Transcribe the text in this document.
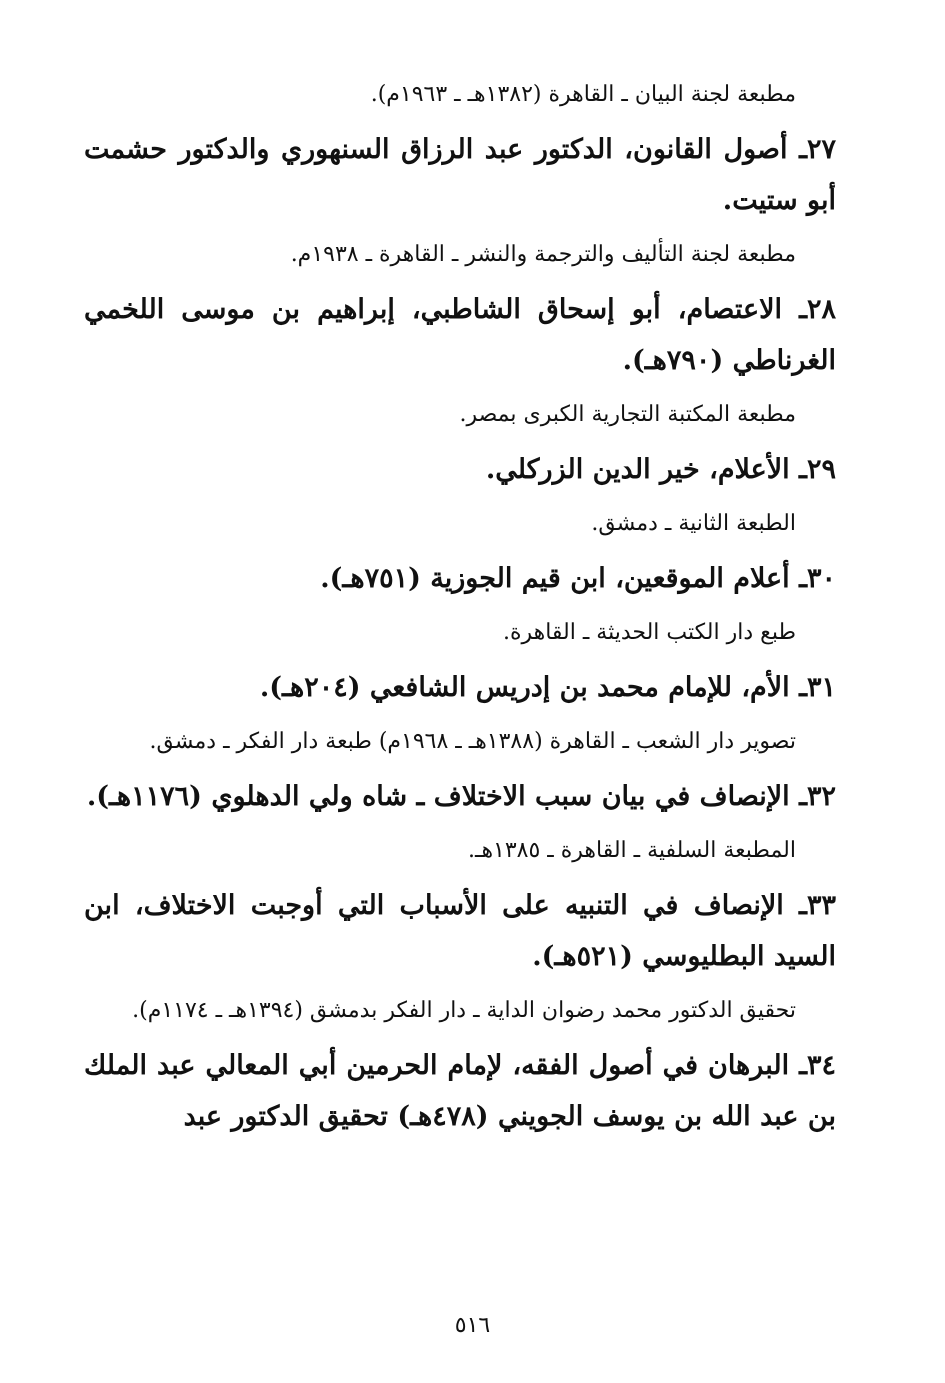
مطبعة لجنة البيان ـ القاهرة (١٣٨٢هـ ـ ١٩٦٣م).

٢٧ـ أصول القانون، الدكتور عبد الرزاق السنهوري والدكتور حشمت أبو ستيت.

مطبعة لجنة التأليف والترجمة والنشر ـ القاهرة ـ ١٩٣٨م.

٢٨ـ الاعتصام، أبو إسحاق الشاطبي، إبراهيم بن موسى اللخمي الغرناطي (٧٩٠هـ).

مطبعة المكتبة التجارية الكبرى بمصر.

٢٩ـ الأعلام، خير الدين الزركلي.

الطبعة الثانية ـ دمشق.

٣٠ـ أعلام الموقعين، ابن قيم الجوزية (٧٥١هـ).

طبع دار الكتب الحديثة ـ القاهرة.

٣١ـ الأم، للإمام محمد بن إدريس الشافعي (٢٠٤هـ).

تصوير دار الشعب ـ القاهرة (١٣٨٨هـ ـ ١٩٦٨م) طبعة دار الفكر ـ دمشق.

٣٢ـ الإنصاف في بيان سبب الاختلاف ـ شاه ولي الدهلوي (١١٧٦هـ).

المطبعة السلفية ـ القاهرة ـ ١٣٨٥هـ.

٣٣ـ الإنصاف في التنبيه على الأسباب التي أوجبت الاختلاف، ابن السيد البطليوسي (٥٢١هـ).

تحقيق الدكتور محمد رضوان الداية ـ دار الفكر بدمشق (١٣٩٤هـ ـ ١١٧٤م).

٣٤ـ البرهان في أصول الفقه، لإمام الحرمين أبي المعالي عبد الملك بن عبد الله بن يوسف الجويني (٤٧٨هـ) تحقيق الدكتور عبد

٥١٦
